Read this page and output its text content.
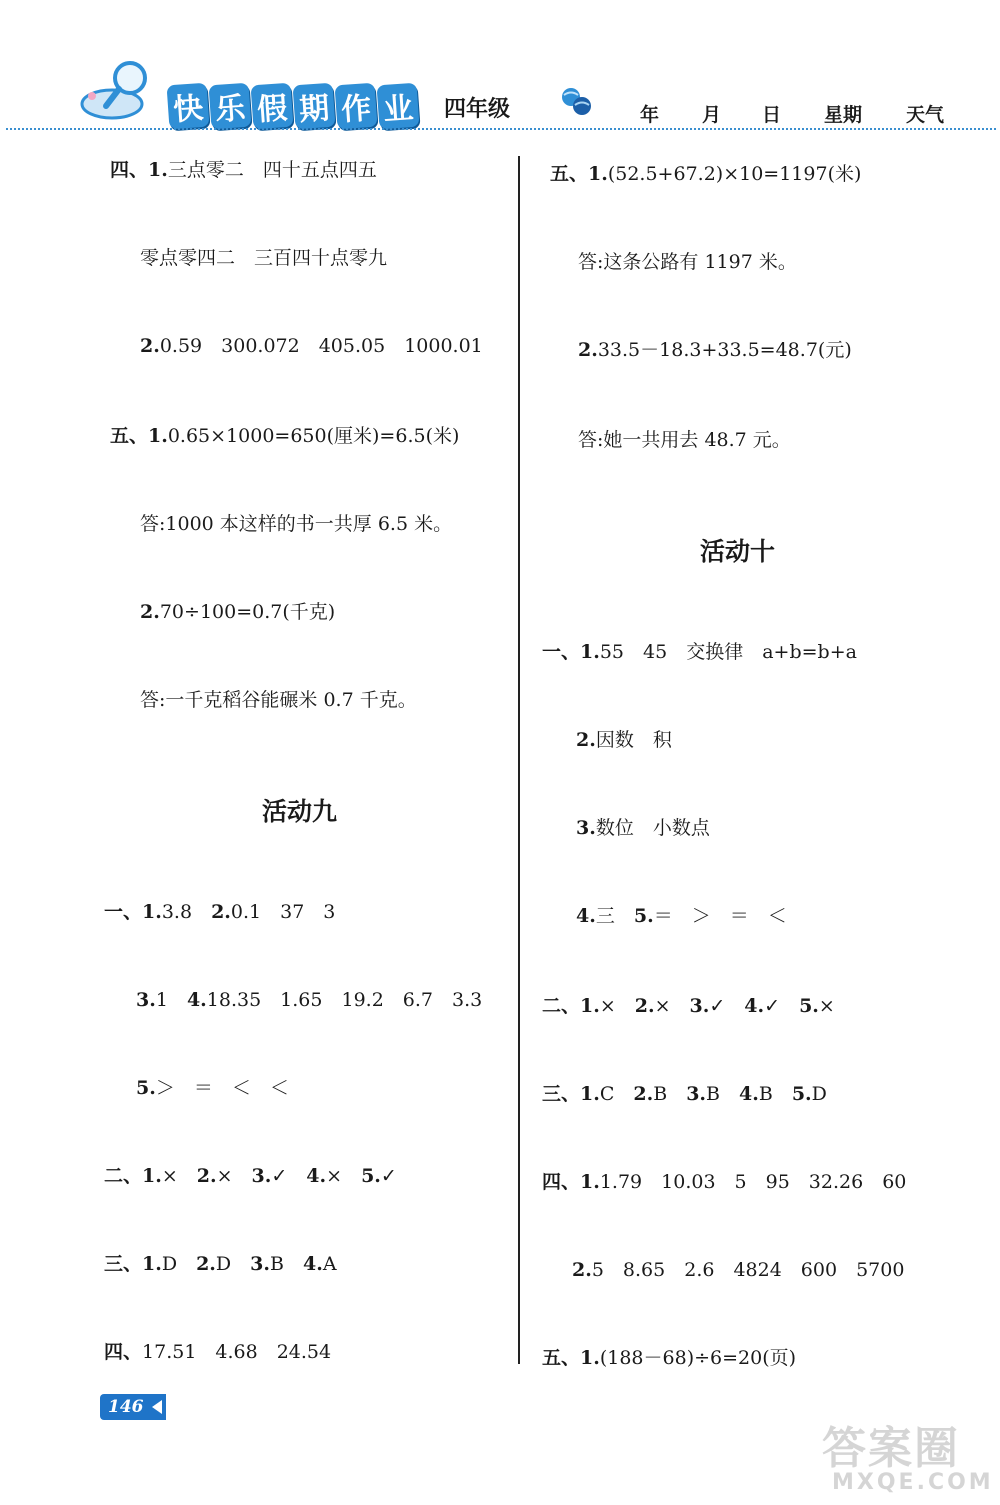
快 乐 假 期 作 业 四年级	年 月 日 星期 天气
四、1.三点零二　四十五点四五
零点零四二　三百四十点零九
2.0.59　300.072　405.05　1000.01
五、1.0.65×1000=650(厘米)=6.5(米)
答:1000 本这样的书一共厚 6.5 米。
2.70÷100=0.7(千克)
答:一千克稻谷能碾米 0.7 千克。
活动九
一、1.3.8　2.0.1　37　3
3.1　4.18.35　1.65　19.2　6.7　3.3
5.＞　＝　＜　＜
二、1.×　2.×　3.✓　4.×　5.✓
三、1.D　2.D　3.B　4.A
四、17.51　4.68　24.54
五、1.(52.5+67.2)×10=1197(米)
答:这条公路有 1197 米。
2.33.5－18.3+33.5=48.7(元)
答:她一共用去 48.7 元。
活动十
一、1.55　45　交换律　a+b=b+a
2.因数　积
3.数位　小数点
4.三　5.＝　＞　＝　＜
二、1.×　2.×　3.✓　4.✓　5.×
三、1.C　2.B　3.B　4.B　5.D
四、1.1.79　10.03　5　95　32.26　60
2.5　8.65　2.6　4824　600　5700
五、1.(188－68)÷6=20(页)
146
答案圈
MXQE.COM
